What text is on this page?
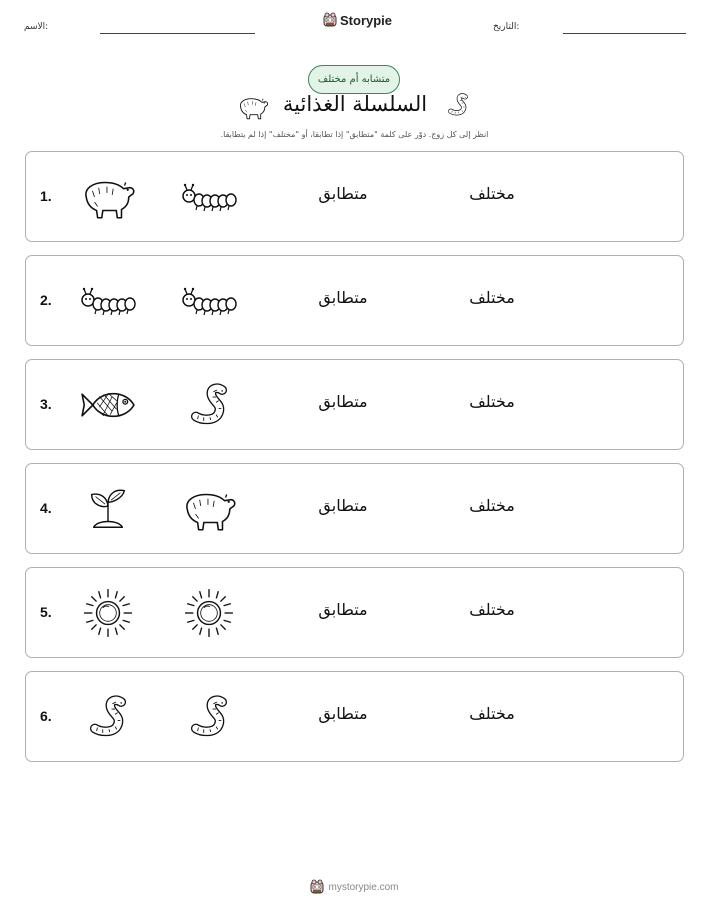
الاسم:	Storypie	التاريخ:
متشابه أم مختلف
السلسلة الغذائية
انظر إلى كل زوج. دوّر على كلمة "متطابق" إذا تطابقا، أو "مختلف" إذا لم يتطابقا.
1.	متطابق	مختلف
2.	متطابق	مختلف
3.	متطابق	مختلف
4.	متطابق	مختلف
5.	متطابق	مختلف
6.	متطابق	مختلف
mystorypie.com
